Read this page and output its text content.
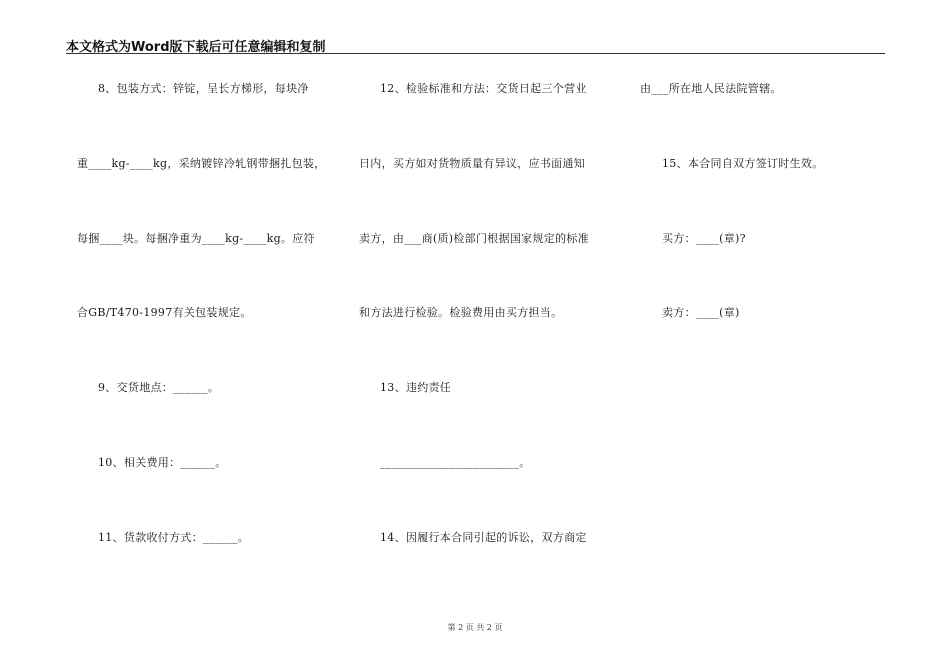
本文格式为Word版下载后可任意编辑和复制
8、包装方式：锌锭，呈长方梯形，每块净
重____kg-____kg，采纳镀锌冷轧钢带捆扎包装，
每捆____块。每捆净重为____kg-____kg。应符
合GB/T470-1997有关包装规定。
9、交货地点：______。
10、相关费用：______。
11、货款收付方式：______。
12、检验标准和方法：交货日起三个营业
日内，买方如对货物质量有异议，应书面通知
卖方，由___商(质)检部门根据国家规定的标准
和方法进行检验。检验费用由买方担当。
13、违约责任
________________________。
14、因履行本合同引起的诉讼，双方商定
由___所在地人民法院管辖。
15、本合同自双方签订时生效。
买方：____(章)?
卖方：____(章)
第 2 页 共 2 页
